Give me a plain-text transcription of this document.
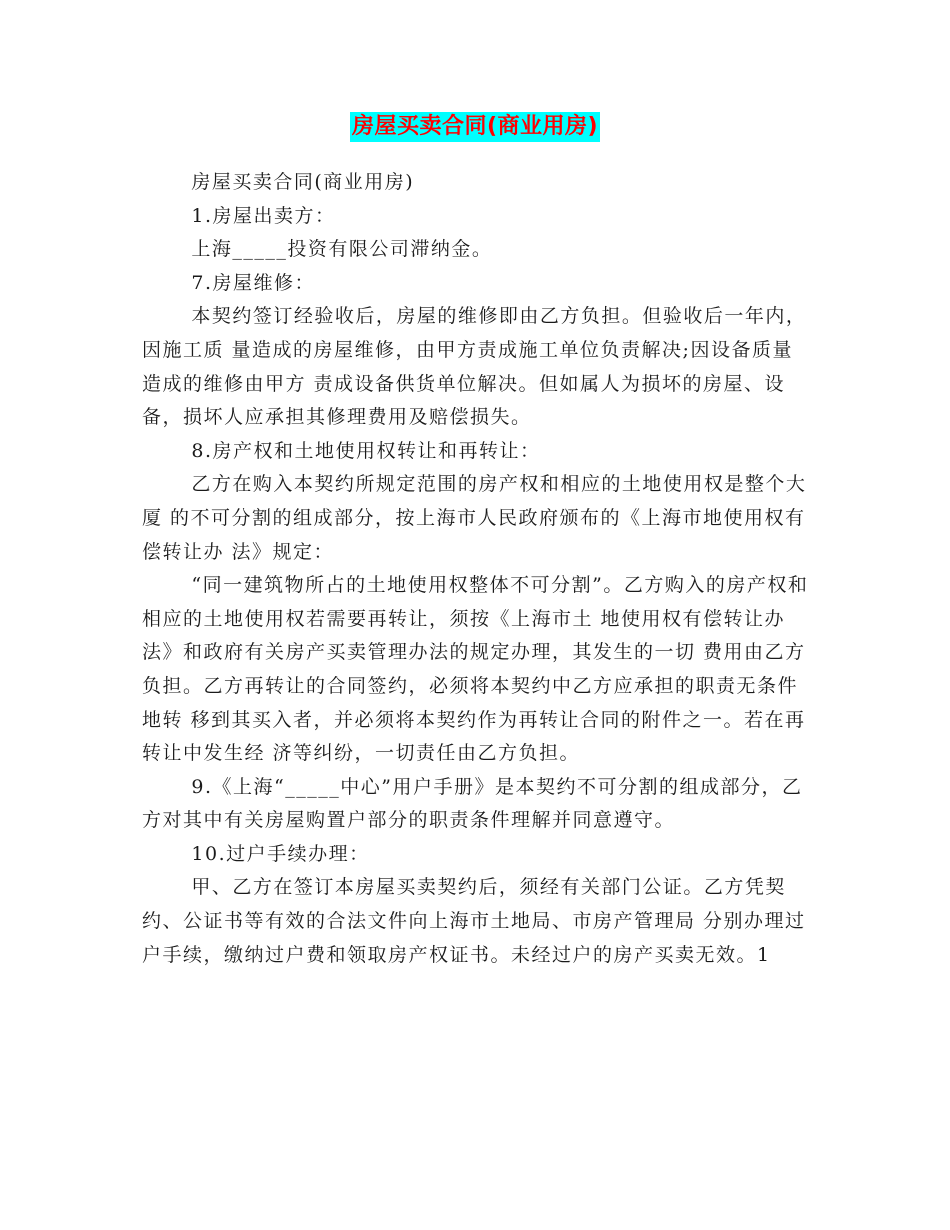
房屋买卖合同(商业用房)

房屋买卖合同(商业用房)

1.房屋出卖方：

上海_____投资有限公司滞纳金。

7.房屋维修：

本契约签订经验收后，房屋的维修即由乙方负担。但验收后一年内，因施工质 量造成的房屋维修，由甲方责成施工单位负责解决;因设备质量造成的维修由甲方 责成设备供货单位解决。但如属人为损坏的房屋、设备，损坏人应承担其修理费用及赔偿损失。

8.房产权和土地使用权转让和再转让：

乙方在购入本契约所规定范围的房产权和相应的土地使用权是整个大厦 的不可分割的组成部分，按上海市人民政府颁布的《上海市地使用权有偿转让办 法》规定：

“同一建筑物所占的土地使用权整体不可分割”。乙方购入的房产权和相应的土地使用权若需要再转让，须按《上海市土 地使用权有偿转让办法》和政府有关房产买卖管理办法的规定办理，其发生的一切 费用由乙方负担。乙方再转让的合同签约，必须将本契约中乙方应承担的职责无条件地转 移到其买入者，并必须将本契约作为再转让合同的附件之一。若在再转让中发生经 济等纠纷，一切责任由乙方负担。

9.《上海“_____中心”用户手册》是本契约不可分割的组成部分，乙 方对其中有关房屋购置户部分的职责条件理解并同意遵守。

10.过户手续办理：

甲、乙方在签订本房屋买卖契约后，须经有关部门公证。乙方凭契约、公证书等有效的合法文件向上海市土地局、市房产管理局 分别办理过户手续，缴纳过户费和领取房产权证书。未经过户的房产买卖无效。1
